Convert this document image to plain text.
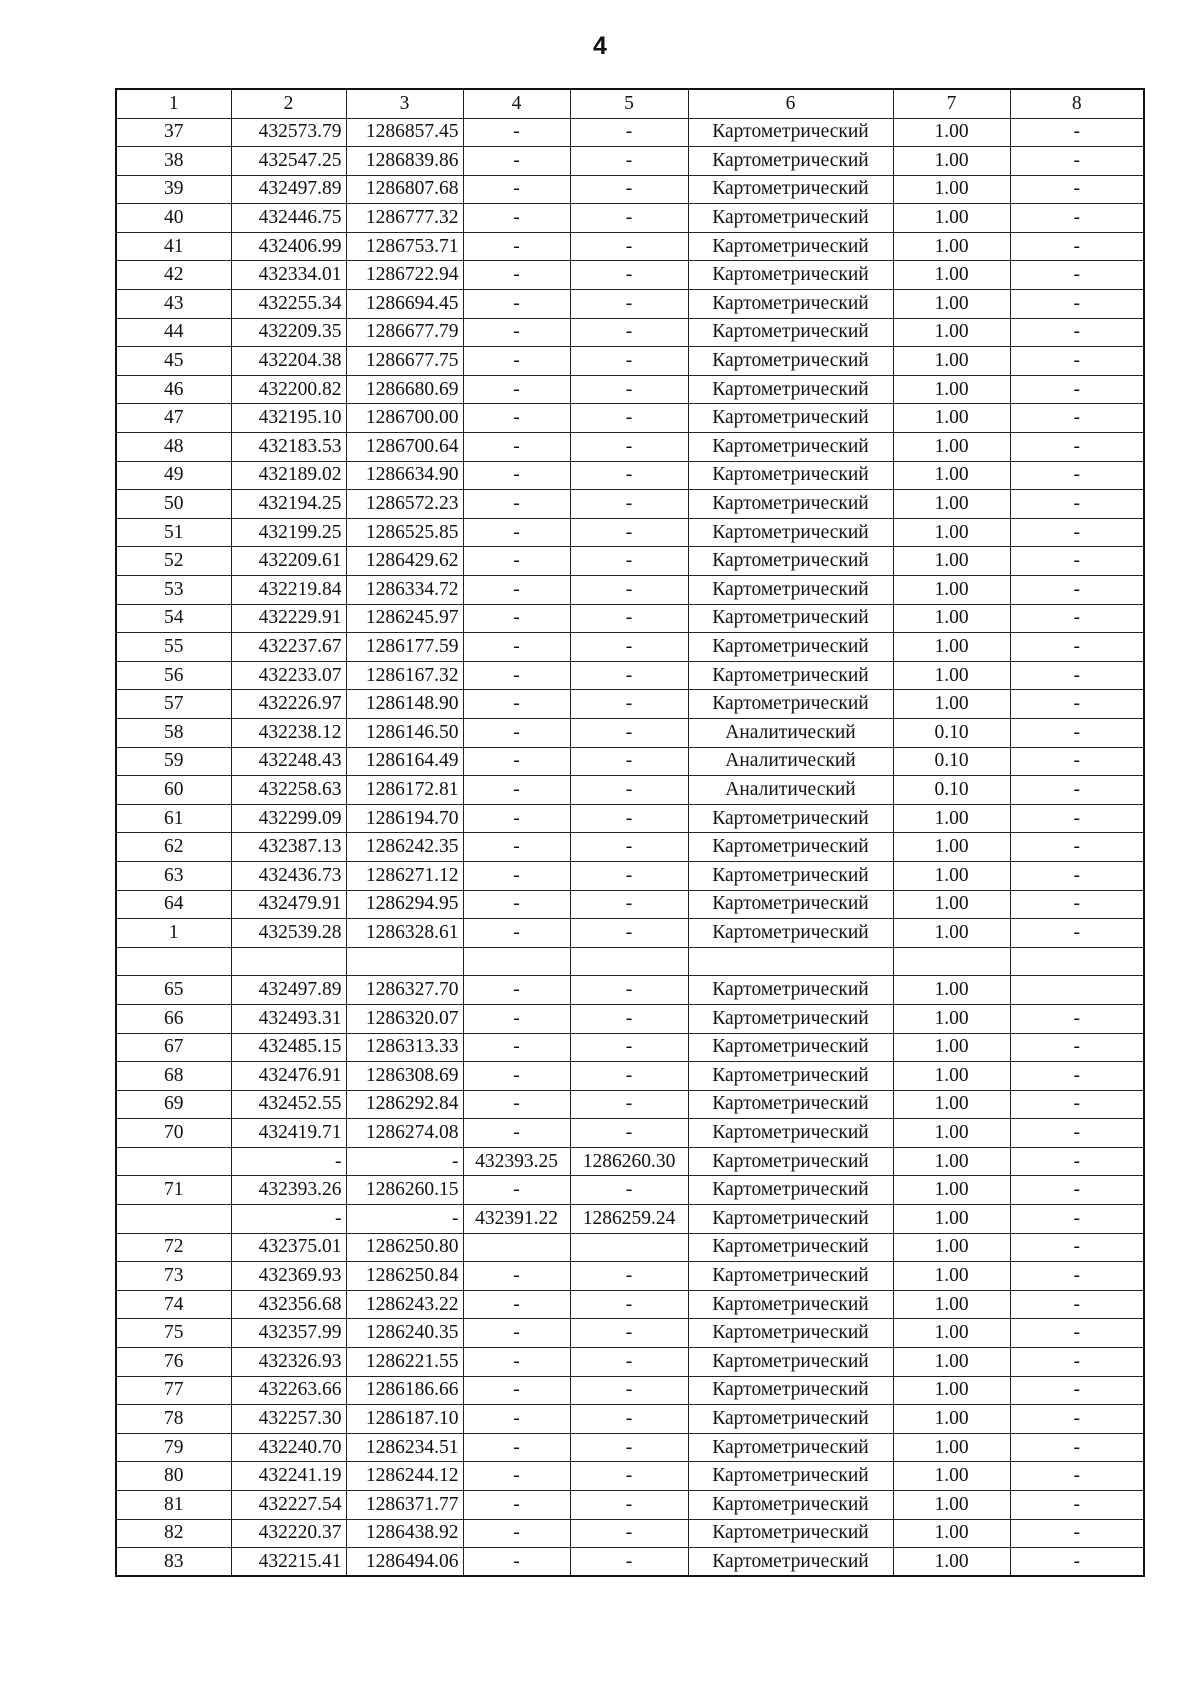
4
1	2	3	4	5	6	7	8
37	432573.79	1286857.45	-	-	Картометрический	1.00	-
38	432547.25	1286839.86	-	-	Картометрический	1.00	-
39	432497.89	1286807.68	-	-	Картометрический	1.00	-
40	432446.75	1286777.32	-	-	Картометрический	1.00	-
41	432406.99	1286753.71	-	-	Картометрический	1.00	-
42	432334.01	1286722.94	-	-	Картометрический	1.00	-
43	432255.34	1286694.45	-	-	Картометрический	1.00	-
44	432209.35	1286677.79	-	-	Картометрический	1.00	-
45	432204.38	1286677.75	-	-	Картометрический	1.00	-
46	432200.82	1286680.69	-	-	Картометрический	1.00	-
47	432195.10	1286700.00	-	-	Картометрический	1.00	-
48	432183.53	1286700.64	-	-	Картометрический	1.00	-
49	432189.02	1286634.90	-	-	Картометрический	1.00	-
50	432194.25	1286572.23	-	-	Картометрический	1.00	-
51	432199.25	1286525.85	-	-	Картометрический	1.00	-
52	432209.61	1286429.62	-	-	Картометрический	1.00	-
53	432219.84	1286334.72	-	-	Картометрический	1.00	-
54	432229.91	1286245.97	-	-	Картометрический	1.00	-
55	432237.67	1286177.59	-	-	Картометрический	1.00	-
56	432233.07	1286167.32	-	-	Картометрический	1.00	-
57	432226.97	1286148.90	-	-	Картометрический	1.00	-
58	432238.12	1286146.50	-	-	Аналитический	0.10	-
59	432248.43	1286164.49	-	-	Аналитический	0.10	-
60	432258.63	1286172.81	-	-	Аналитический	0.10	-
61	432299.09	1286194.70	-	-	Картометрический	1.00	-
62	432387.13	1286242.35	-	-	Картометрический	1.00	-
63	432436.73	1286271.12	-	-	Картометрический	1.00	-
64	432479.91	1286294.95	-	-	Картометрический	1.00	-
1	432539.28	1286328.61	-	-	Картометрический	1.00	-

65	432497.89	1286327.70	-	-	Картометрический	1.00	
66	432493.31	1286320.07	-	-	Картометрический	1.00	-
67	432485.15	1286313.33	-	-	Картометрический	1.00	-
68	432476.91	1286308.69	-	-	Картометрический	1.00	-
69	432452.55	1286292.84	-	-	Картометрический	1.00	-
70	432419.71	1286274.08	-	-	Картометрический	1.00	-
	-	-	432393.25	1286260.30	Картометрический	1.00	-
71	432393.26	1286260.15	-	-	Картометрический	1.00	-
	-	-	432391.22	1286259.24	Картометрический	1.00	-
72	432375.01	1286250.80			Картометрический	1.00	-
73	432369.93	1286250.84	-	-	Картометрический	1.00	-
74	432356.68	1286243.22	-	-	Картометрический	1.00	-
75	432357.99	1286240.35	-	-	Картометрический	1.00	-
76	432326.93	1286221.55	-	-	Картометрический	1.00	-
77	432263.66	1286186.66	-	-	Картометрический	1.00	-
78	432257.30	1286187.10	-	-	Картометрический	1.00	-
79	432240.70	1286234.51	-	-	Картометрический	1.00	-
80	432241.19	1286244.12	-	-	Картометрический	1.00	-
81	432227.54	1286371.77	-	-	Картометрический	1.00	-
82	432220.37	1286438.92	-	-	Картометрический	1.00	-
83	432215.41	1286494.06	-	-	Картометрический	1.00	-
